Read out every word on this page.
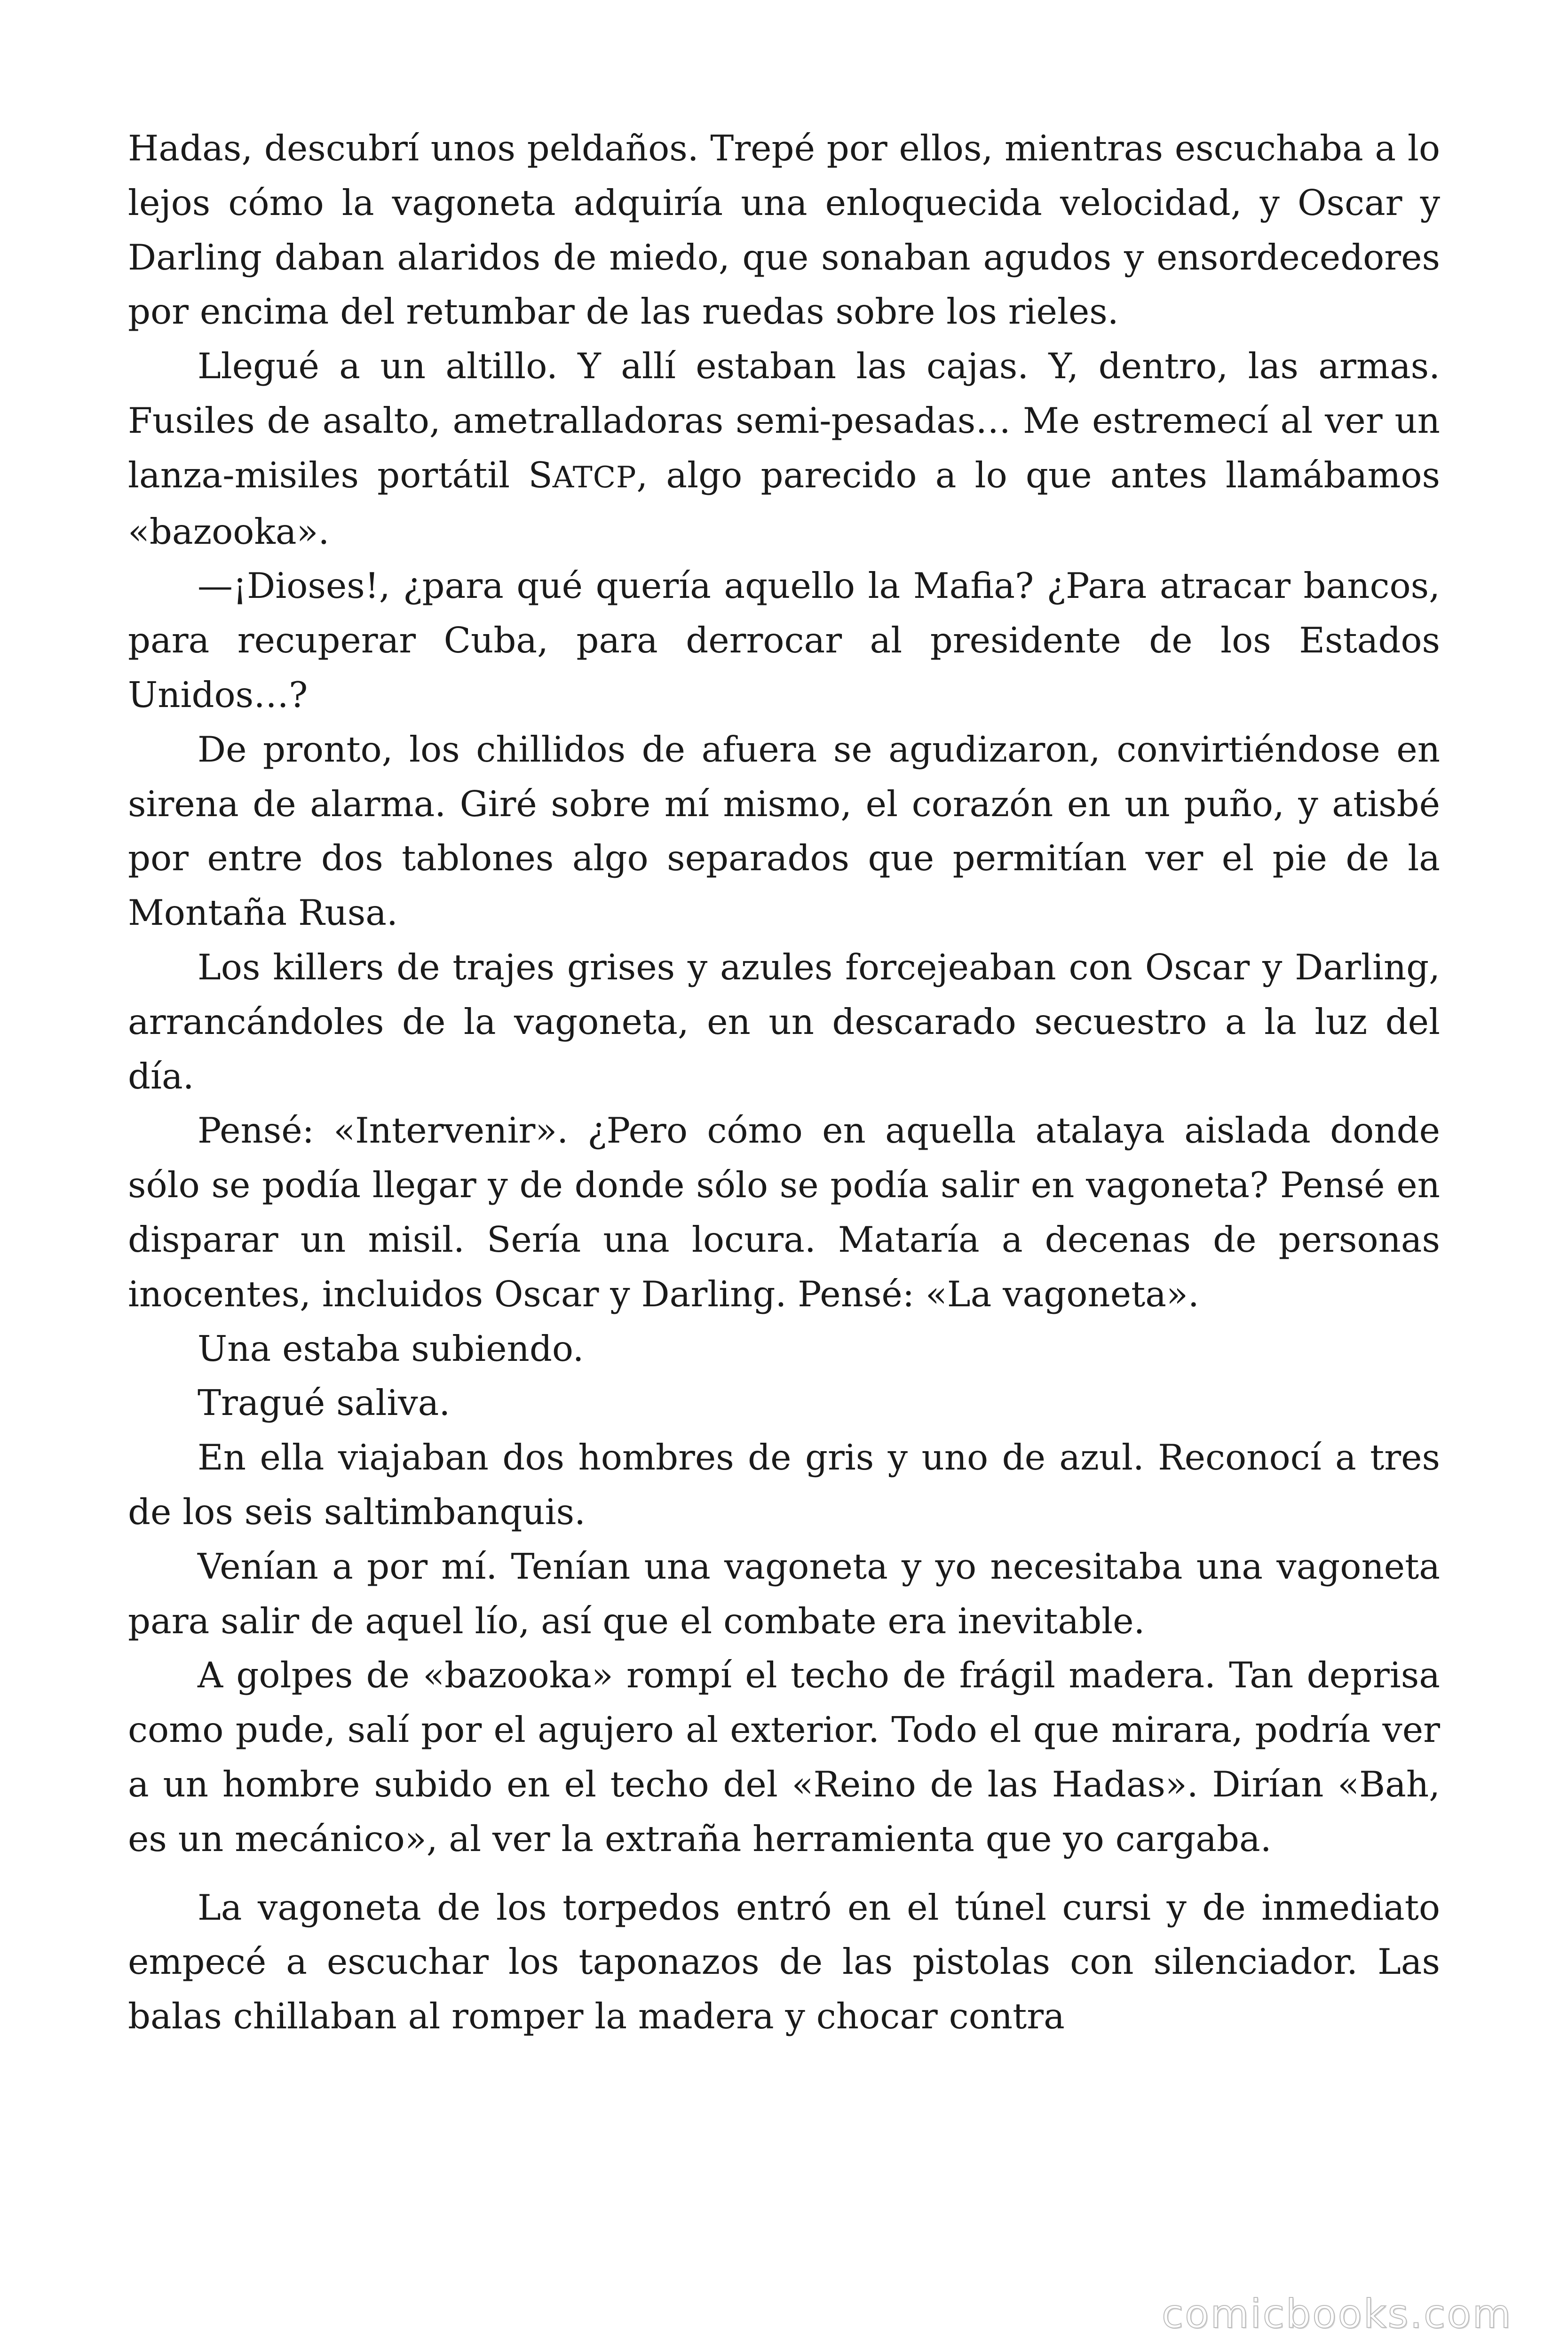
Hadas, descubrí unos peldaños. Trepé por ellos, mientras escuchaba a lo lejos cómo la vagoneta adquiría una enloquecida velocidad, y Oscar y Darling daban alaridos de miedo, que sonaban agudos y ensordecedores por encima del retumbar de las ruedas sobre los rieles.

Llegué a un altillo. Y allí estaban las cajas. Y, dentro, las armas. Fusiles de asalto, ametralladoras semi-pesadas… Me estremecí al ver un lanza-misiles portátil SATCP, algo parecido a lo que antes llamábamos «bazooka».

—¡Dioses!, ¿para qué quería aquello la Mafia? ¿Para atracar bancos, para recuperar Cuba, para derrocar al presidente de los Estados Unidos…?

De pronto, los chillidos de afuera se agudizaron, convirtiéndose en sirena de alarma. Giré sobre mí mismo, el corazón en un puño, y atisbé por entre dos tablones algo separados que permitían ver el pie de la Montaña Rusa.

Los killers de trajes grises y azules forcejeaban con Oscar y Darling, arrancándoles de la vagoneta, en un descarado secuestro a la luz del día.

Pensé: «Intervenir». ¿Pero cómo en aquella atalaya aislada donde sólo se podía llegar y de donde sólo se podía salir en vagoneta? Pensé en disparar un misil. Sería una locura. Mataría a decenas de personas inocentes, incluidos Oscar y Darling. Pensé: «La vagoneta».

Una estaba subiendo.

Tragué saliva.

En ella viajaban dos hombres de gris y uno de azul. Reconocí a tres de los seis saltimbanquis.

Venían a por mí. Tenían una vagoneta y yo necesitaba una vagoneta para salir de aquel lío, así que el combate era inevitable.

A golpes de «bazooka» rompí el techo de frágil madera. Tan deprisa como pude, salí por el agujero al exterior. Todo el que mirara, podría ver a un hombre subido en el techo del «Reino de las Hadas». Dirían «Bah, es un mecánico», al ver la extraña herramienta que yo cargaba.

La vagoneta de los torpedos entró en el túnel cursi y de inmediato empecé a escuchar los taponazos de las pistolas con silenciador. Las balas chillaban al romper la madera y chocar contra

comicbooks.com
